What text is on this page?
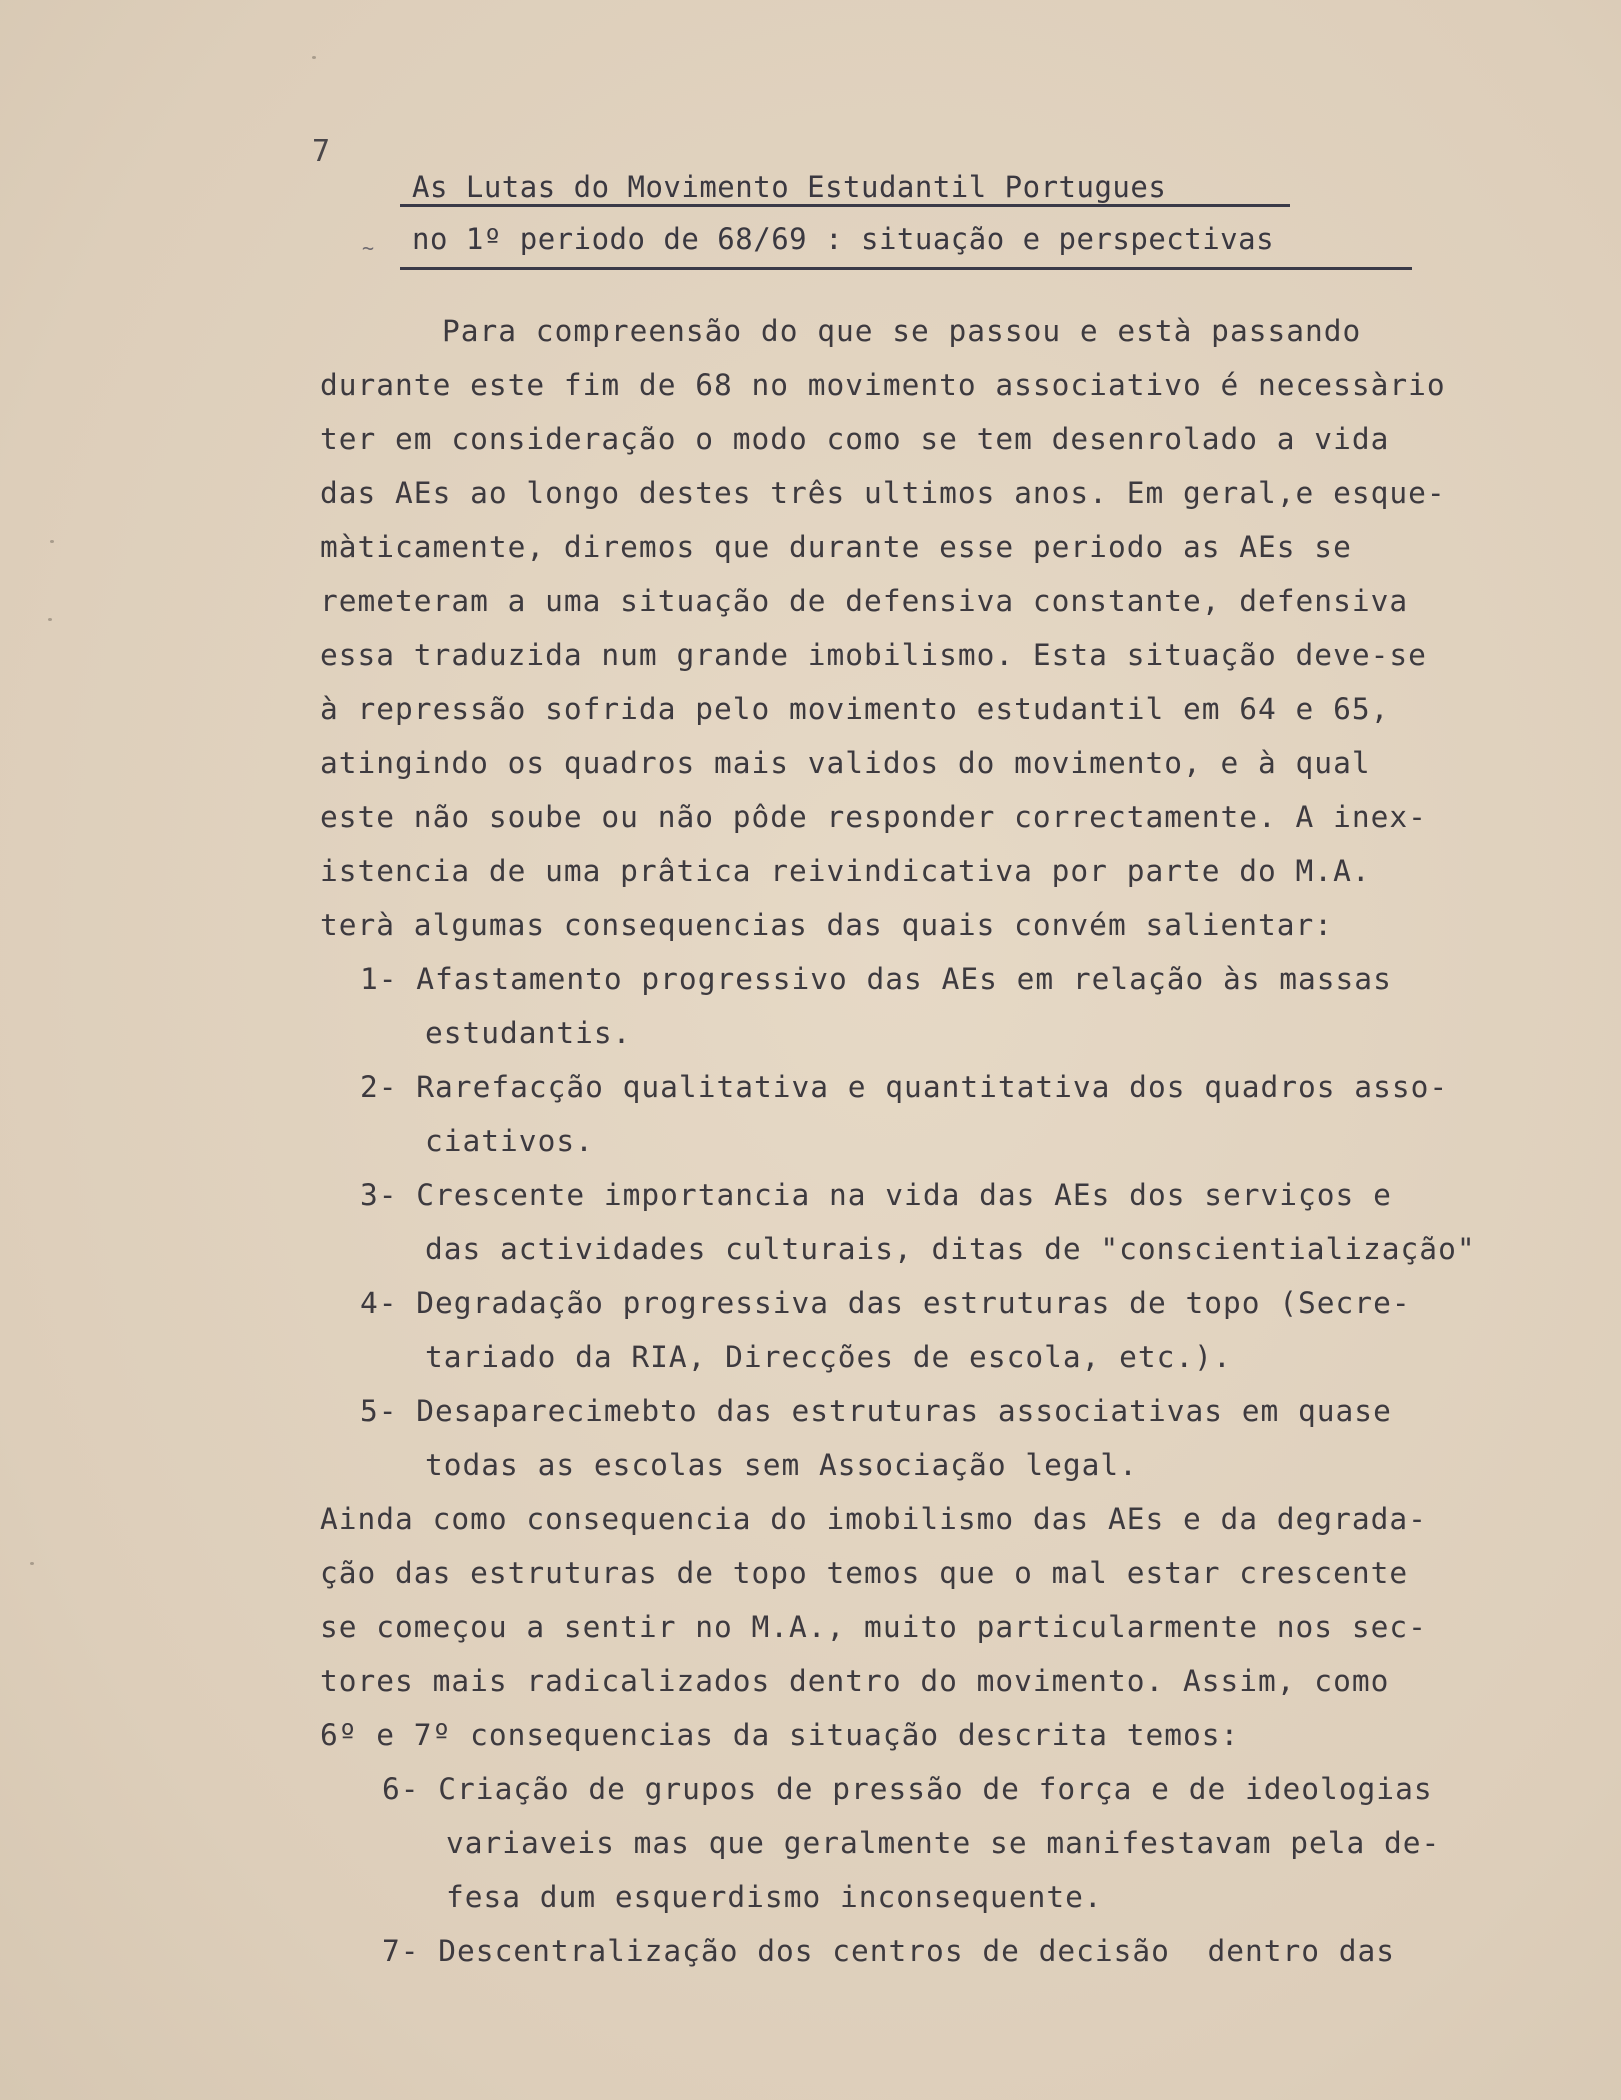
7
~
As Lutas do Movimento Estudantil Portugues
no 1º periodo de 68/69 : situação e perspectivas
Para compreensão do que se passou e està passando
durante este fim de 68 no movimento associativo é necessàrio
ter em consideração o modo como se tem desenrolado a vida
das AEs ao longo destes três ultimos anos. Em geral,e esque-
màticamente, diremos que durante esse periodo as AEs se
remeteram a uma situação de defensiva constante, defensiva
essa traduzida num grande imobilismo. Esta situação deve-se
à repressão sofrida pelo movimento estudantil em 64 e 65,
atingindo os quadros mais validos do movimento, e à qual
este não soube ou não pôde responder correctamente. A inex-
istencia de uma prâtica reivindicativa por parte do M.A.
terà algumas consequencias das quais convém salientar:
1- Afastamento progressivo das AEs em relação às massas
estudantis.
2- Rarefacção qualitativa e quantitativa dos quadros asso-
ciativos.
3- Crescente importancia na vida das AEs dos serviços e
das actividades culturais, ditas de "conscientialização"
4- Degradação progressiva das estruturas de topo (Secre-
tariado da RIA, Direcções de escola, etc.).
5- Desaparecimebto das estruturas associativas em quase
todas as escolas sem Associação legal.
Ainda como consequencia do imobilismo das AEs e da degrada-
ção das estruturas de topo temos que o mal estar crescente
se começou a sentir no M.A., muito particularmente nos sec-
tores mais radicalizados dentro do movimento. Assim, como
6º e 7º consequencias da situação descrita temos:
6- Criação de grupos de pressão de força e de ideologias
variaveis mas que geralmente se manifestavam pela de-
fesa dum esquerdismo inconsequente.
7- Descentralização dos centros de decisão  dentro das
